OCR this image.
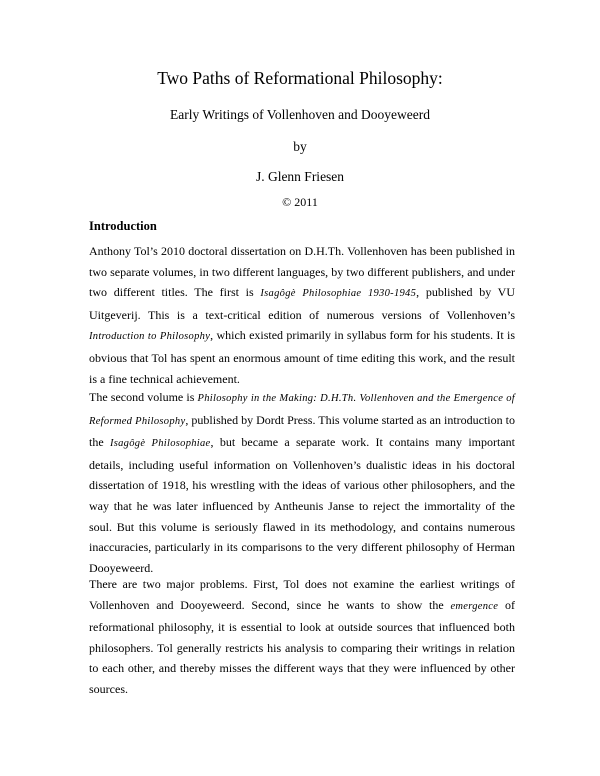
Two Paths of Reformational Philosophy:
Early Writings of Vollenhoven and Dooyeweerd
by
J. Glenn Friesen
© 2011
Introduction

Anthony Tol’s 2010 doctoral dissertation on D.H.Th. Vollenhoven has been published in two separate volumes, in two different languages, by two different publishers, and under two different titles. The first is Isagôgè Philosophiae 1930-1945, published by VU Uitgeverij. This is a text-critical edition of numerous versions of Vollenhoven’s Introduction to Philosophy, which existed primarily in syllabus form for his students. It is obvious that Tol has spent an enormous amount of time editing this work, and the result is a fine technical achievement.

The second volume is Philosophy in the Making: D.H.Th. Vollenhoven and the Emergence of Reformed Philosophy, published by Dordt Press. This volume started as an introduction to the Isagôgè Philosophiae, but became a separate work. It contains many important details, including useful information on Vollenhoven’s dualistic ideas in his doctoral dissertation of 1918, his wrestling with the ideas of various other philosophers, and the way that he was later influenced by Antheunis Janse to reject the immortality of the soul. But this volume is seriously flawed in its methodology, and contains numerous inaccuracies, particularly in its comparisons to the very different philosophy of Herman Dooyeweerd.

There are two major problems. First, Tol does not examine the earliest writings of Vollenhoven and Dooyeweerd. Second, since he wants to show the emergence of reformational philosophy, it is essential to look at outside sources that influenced both philosophers. Tol generally restricts his analysis to comparing their writings in relation to each other, and thereby misses the different ways that they were influenced by other sources.
